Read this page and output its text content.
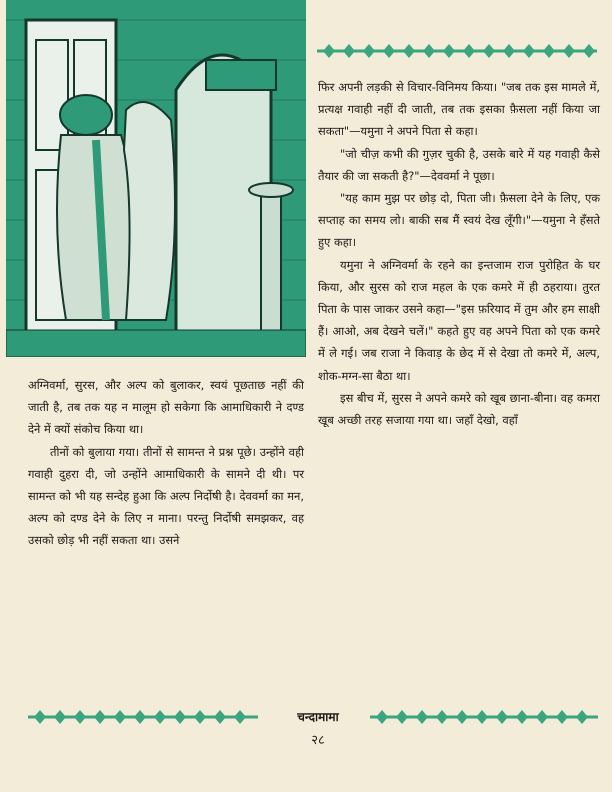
फिर अपनी लड़की से विचार-विनिमय किया। "जब तक इस मामले में, प्रत्यक्ष गवाही नहीं दी जाती, तब तक इसका फ़ैसला नहीं किया जा सकता"—यमुना ने अपने पिता से कहा।

"जो चीज़ कभी की गुज़र चुकी है, उसके बारे में यह गवाही कैसे तैयार की जा सकती है?"—देववर्मा ने पूछा।

"यह काम मुझ पर छोड़ दो, पिता जी। फ़ैसला देने के लिए, एक सप्ताह का समय लो। बाकी सब मैं स्वयं देख लूँगी।"—यमुना ने हँसते हुए कहा।

यमुना ने अग्निवर्मा के रहने का इन्तजाम राज पुरोहित के घर किया, और सुरस को राज महल के एक कमरे में ही ठहराया। तुरत पिता के पास जाकर उसने कहा—"इस फ़रियाद में तुम और हम साक्षी हैं। आओ, अब देखने चलें।" कहते हुए वह अपने पिता को एक कमरे में ले गई। जब राजा ने किवाड़ के छेद में से देखा तो कमरे में, अल्प, शोक-मग्न-सा बैठा था।

इस बीच में, सुरस ने अपने कमरे को खूब छाना-बीना। वह कमरा खूब अच्छी तरह सजाया गया था। जहाँ देखो, वहाँ

अग्निवर्मा, सुरस, और अल्प को बुलाकर, स्वयं पूछताछ नहीं की जाती है, तब तक यह न मालूम हो सकेगा कि आमाधिकारी ने दण्ड देने में क्यों संकोच किया था।

तीनों को बुलाया गया। तीनों से सामन्त ने प्रश्न पूछे। उन्होंने वही गवाही दुहरा दी, जो उन्होंने आमाधिकारी के सामने दी थी। पर सामन्त को भी यह सन्देह हुआ कि अल्प निर्दोषी है। देववर्मा का मन, अल्प को दण्ड देने के लिए न माना। परन्तु निर्दोषी समझकर, वह उसको छोड़ भी नहीं सकता था। उसने

चन्दामामा
२८
